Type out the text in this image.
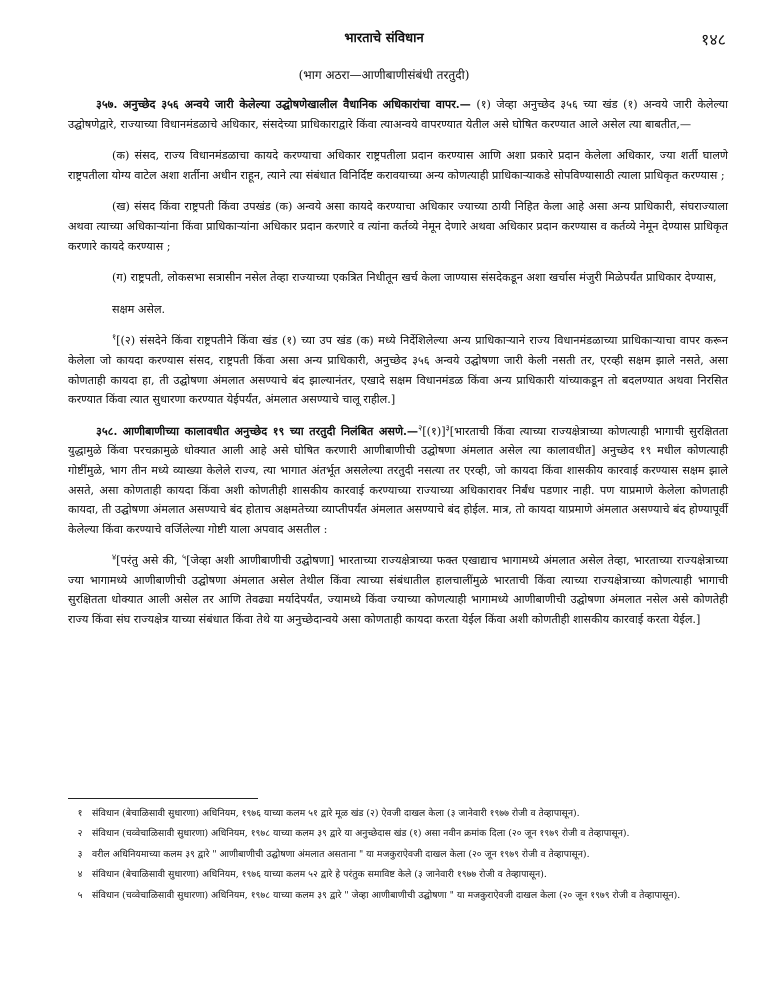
भारताचे संविधान	१४८
(भाग अठरा—आणीबाणीसंबंधी तरतुदी)

३५७. अनुच्छेद ३५६ अन्वये जारी केलेल्या उद्घोषणेखालील वैधानिक अधिकारांचा वापर.— (१) जेव्हा अनुच्छेद ३५६ च्या खंड (१) अन्वये जारी केलेल्या उद्घोषणेद्वारे, राज्याच्या विधानमंडळाचे अधिकार, संसदेच्या प्राधिकाराद्वारे किंवा त्याअन्वये वापरण्यात येतील असे घोषित करण्यात आले असेल त्या बाबतीत,—

(क) संसद, राज्य विधानमंडळाचा कायदे करण्याचा अधिकार राष्ट्रपतीला प्रदान करण्यास आणि अशा प्रकारे प्रदान केलेला अधिकार, ज्या शर्ती घालणे राष्ट्रपतीला योग्य वाटेल अशा शर्तीना अधीन राहून, त्याने त्या संबंधात विनिर्दिष्ट करावयाच्या अन्य कोणत्याही प्राधिकाऱ्याकडे सोपविण्यासाठी त्याला प्राधिकृत करण्यास ;

(ख) संसद किंवा राष्ट्रपती किंवा उपखंड (क) अन्वये असा कायदे करण्याचा अधिकार ज्याच्या ठायी निहित केला आहे असा अन्य प्राधिकारी, संघराज्याला अथवा त्याच्या अधिकाऱ्यांना किंवा प्राधिकाऱ्यांना अधिकार प्रदान करणारे व त्यांना कर्तव्ये नेमून देणारे अथवा अधिकार प्रदान करण्यास व कर्तव्ये नेमून देण्यास प्राधिकृत करणारे कायदे करण्यास ;

(ग) राष्ट्रपती, लोकसभा सत्रासीन नसेल तेव्हा राज्याच्या एकत्रित निधीतून खर्च केला जाण्यास संसदेकडून अशा खर्चास मंजुरी मिळेपर्यंत प्राधिकार देण्यास,

सक्षम असेल.

$^१$[(२) संसदेने किंवा राष्ट्रपतीने किंवा खंड (१) च्या उप खंड (क) मध्ये निर्देशिलेल्या अन्य प्राधिकाऱ्याने राज्य विधानमंडळाच्या प्राधिकाऱ्याचा वापर करून केलेला जो कायदा करण्यास संसद, राष्ट्रपती किंवा असा अन्य प्राधिकारी, अनुच्छेद ३५६ अन्वये उद्घोषणा जारी केली नसती तर, एरव्ही सक्षम झाले नसते, असा कोणताही कायदा हा, ती उद्घोषणा अंमलात असण्याचे बंद झाल्यानंतर, एखादे सक्षम विधानमंडळ किंवा अन्य प्राधिकारी यांच्याकडून तो बदलण्यात अथवा निरसित करण्यात किंवा त्यात सुधारणा करण्यात येईपर्यंत, अंमलात असण्याचे चालू राहील.]

३५८. आणीबाणीच्या कालावधीत अनुच्छेद १९ च्या तरतुदी निलंबित असणे.—$^२$[(१)]$^३$[भारताची किंवा त्याच्या राज्यक्षेत्राच्या कोणत्याही भागाची सुरक्षितता युद्धामुळे किंवा परचक्रामुळे धोक्यात आली आहे असे घोषित करणारी आणीबाणीची उद्घोषणा अंमलात असेल त्या कालावधीत] अनुच्छेद १९ मधील कोणत्याही गोष्टींमुळे, भाग तीन मध्ये व्याख्या केलेले राज्य, त्या भागात अंतर्भूत असलेल्या तरतुदी नसत्या तर एरव्ही, जो कायदा किंवा शासकीय कारवाई करण्यास सक्षम झाले असते, असा कोणताही कायदा किंवा अशी कोणतीही शासकीय कारवाई करण्याच्या राज्याच्या अधिकारावर निर्बंध पडणार नाही. पण याप्रमाणे केलेला कोणताही कायदा, ती उद्घोषणा अंमलात असण्याचे बंद होताच अक्षमतेच्या व्याप्तीपर्यंत अंमलात असण्याचे बंद होईल. मात्र, तो कायदा याप्रमाणे अंमलात असण्याचे बंद होण्यापूर्वी केलेल्या किंवा करण्याचे वर्जिलेल्या गोष्टी याला अपवाद असतील :

$^४$[परंतु असे की, $^५$[जेव्हा अशी आणीबाणीची उद्घोषणा] भारताच्या राज्यक्षेत्राच्या फक्त एखाद्याच भागामध्ये अंमलात असेल तेव्हा, भारताच्या राज्यक्षेत्राच्या ज्या भागामध्ये आणीबाणीची उद्घोषणा अंमलात असेल तेथील किंवा त्याच्या संबंधातील हालचालींमुळे भारताची किंवा त्याच्या राज्यक्षेत्राच्या कोणत्याही भागाची सुरक्षितता धोक्यात आली असेल तर आणि तेवढ्या मर्यादेपर्यंत, ज्यामध्ये किंवा ज्याच्या कोणत्याही भागामध्ये आणीबाणीची उद्घोषणा अंमलात नसेल असे कोणतेही राज्य किंवा संघ राज्यक्षेत्र याच्या संबंधात किंवा तेथे या अनुच्छेदान्वये असा कोणताही कायदा करता येईल किंवा अशी कोणतीही शासकीय कारवाई करता येईल.]

१	संविधान (बेचाळिसावी सुधारणा) अधिनियम, १९७६ याच्या कलम ५१ द्वारे मूळ खंड (२) ऐवजी दाखल केला (३ जानेवारी १९७७ रोजी व तेव्हापासून).
२	संविधान (चव्वेचाळिसावी सुधारणा) अधिनियम, १९७८ याच्या कलम ३९ द्वारे या अनुच्छेदास खंड (१) असा नवीन क्रमांक दिला (२० जून १९७९ रोजी व तेव्हापासून).
३	वरील अधिनियमाच्या कलम ३९ द्वारे " आणीबाणीची उद्घोषणा अंमलात असताना " या मजकुराऐवजी दाखल केला (२० जून १९७९ रोजी व तेव्हापासून).
४	संविधान (बेचाळिसावी सुधारणा) अधिनियम, १९७६ याच्या कलम ५२ द्वारे हे परंतुक समाविष्ट केले (३ जानेवारी १९७७ रोजी व तेव्हापासून).
५	संविधान (चव्वेचाळिसावी सुधारणा) अधिनियम, १९७८ याच्या कलम ३९ द्वारे " जेव्हा आणीबाणीची उद्घोषणा " या मजकुराऐवजी दाखल केला (२० जून १९७९ रोजी व तेव्हापासून).
